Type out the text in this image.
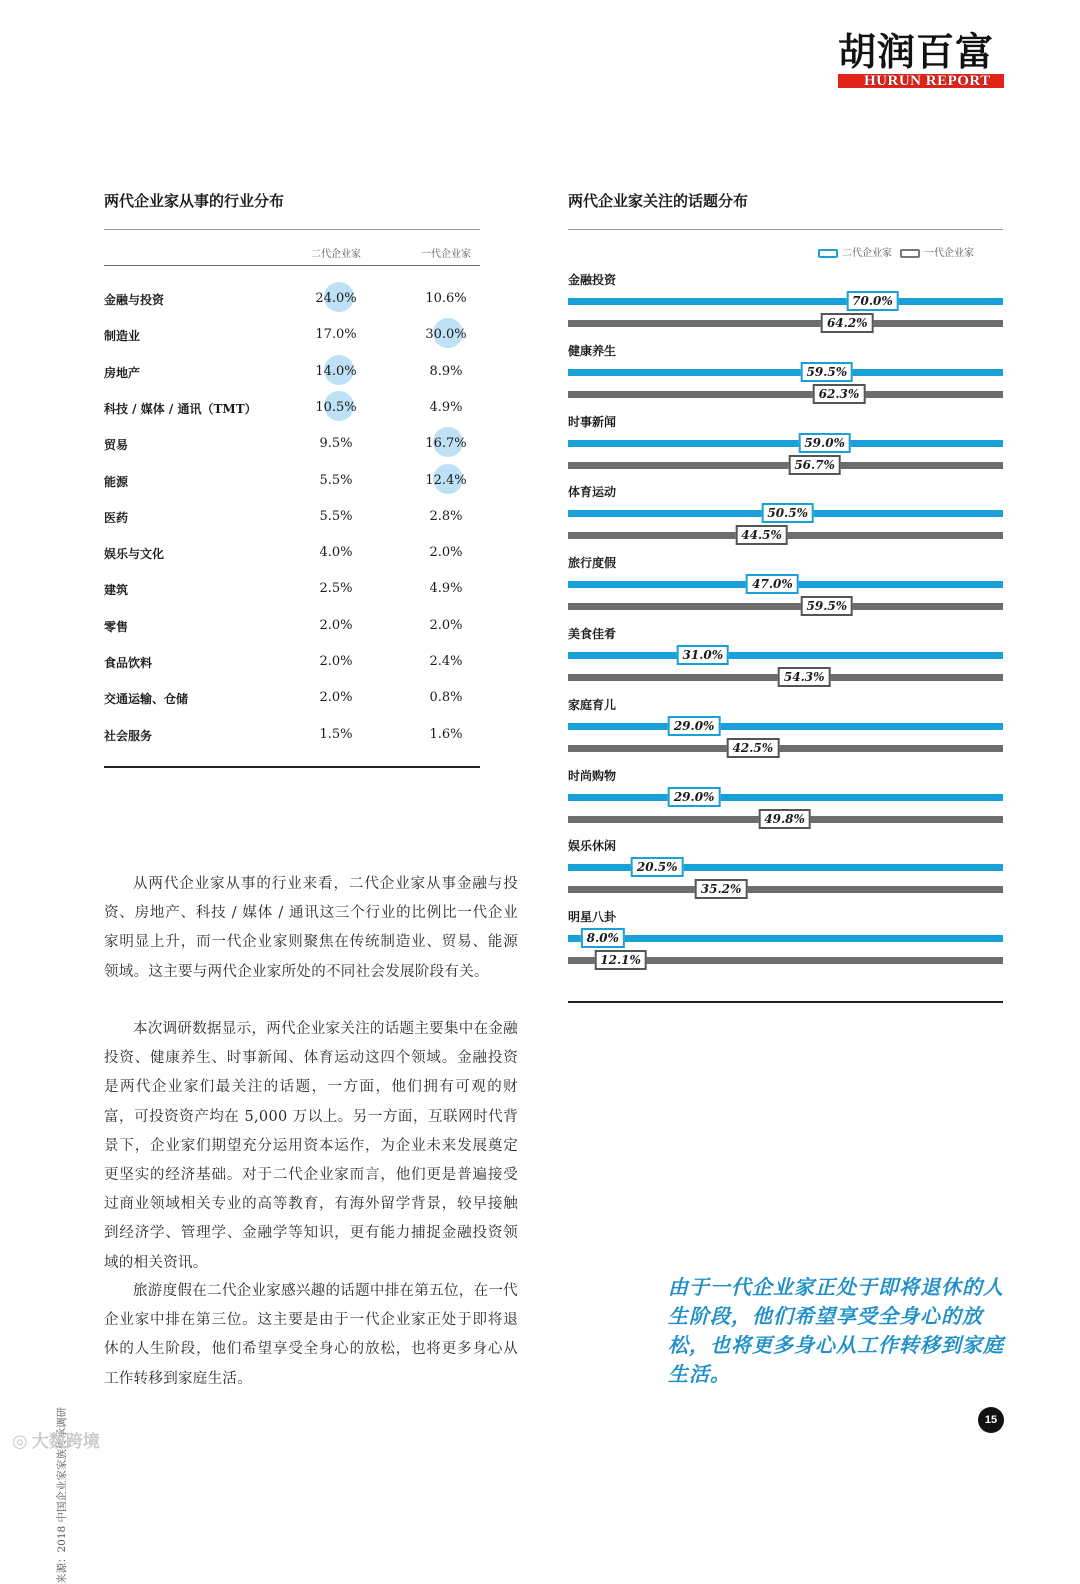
胡润百富
HURUN REPORT
两代企业家从事的行业分布
二代企业家	一代企业家
金融与投资	24.0%	10.6%
制造业	17.0%	30.0%
房地产	14.0%	8.9%
科技 / 媒体 / 通讯（TMT）	10.5%	4.9%
贸易	9.5%	16.7%
能源	5.5%	12.4%
医药	5.5%	2.8%
娱乐与文化	4.0%	2.0%
建筑	2.5%	4.9%
零售	2.0%	2.0%
食品饮料	2.0%	2.4%
交通运输、仓储	2.0%	0.8%
社会服务	1.5%	1.6%
两代企业家关注的话题分布
二代企业家	一代企业家
金融投资
70.0%
64.2%
健康养生
59.5%
62.3%
时事新闻
59.0%
56.7%
体育运动
50.5%
44.5%
旅行度假
47.0%
59.5%
美食佳肴
31.0%
54.3%
家庭育儿
29.0%
42.5%
时尚购物
29.0%
49.8%
娱乐休闲
20.5%
35.2%
明星八卦
8.0%
12.1%
从两代企业家从事的行业来看，二代企业家从事金融与投资、房地产、科技 / 媒体 / 通讯这三个行业的比例比一代企业家明显上升，而一代企业家则聚焦在传统制造业、贸易、能源领域。这主要与两代企业家所处的不同社会发展阶段有关。
本次调研数据显示，两代企业家关注的话题主要集中在金融投资、健康养生、时事新闻、体育运动这四个领域。金融投资是两代企业家们最关注的话题，一方面，他们拥有可观的财富，可投资资产均在 5,000 万以上。另一方面，互联网时代背景下，企业家们期望充分运用资本运作，为企业未来发展奠定更坚实的经济基础。对于二代企业家而言，他们更是普遍接受过商业领域相关专业的高等教育，有海外留学背景，较早接触到经济学、管理学、金融学等知识，更有能力捕捉金融投资领域的相关资讯。
旅游度假在二代企业家感兴趣的话题中排在第五位，在一代企业家中排在第三位。这主要是由于一代企业家正处于即将退休的人生阶段，他们希望享受全身心的放松，也将更多身心从工作转移到家庭生活。
由于一代企业家正处于即将退休的人生阶段，他们希望享受全身心的放松，也将更多身心从工作转移到家庭生活。
来源：2018 中国企业家家族传承调研	15
◎ 大数跨境
